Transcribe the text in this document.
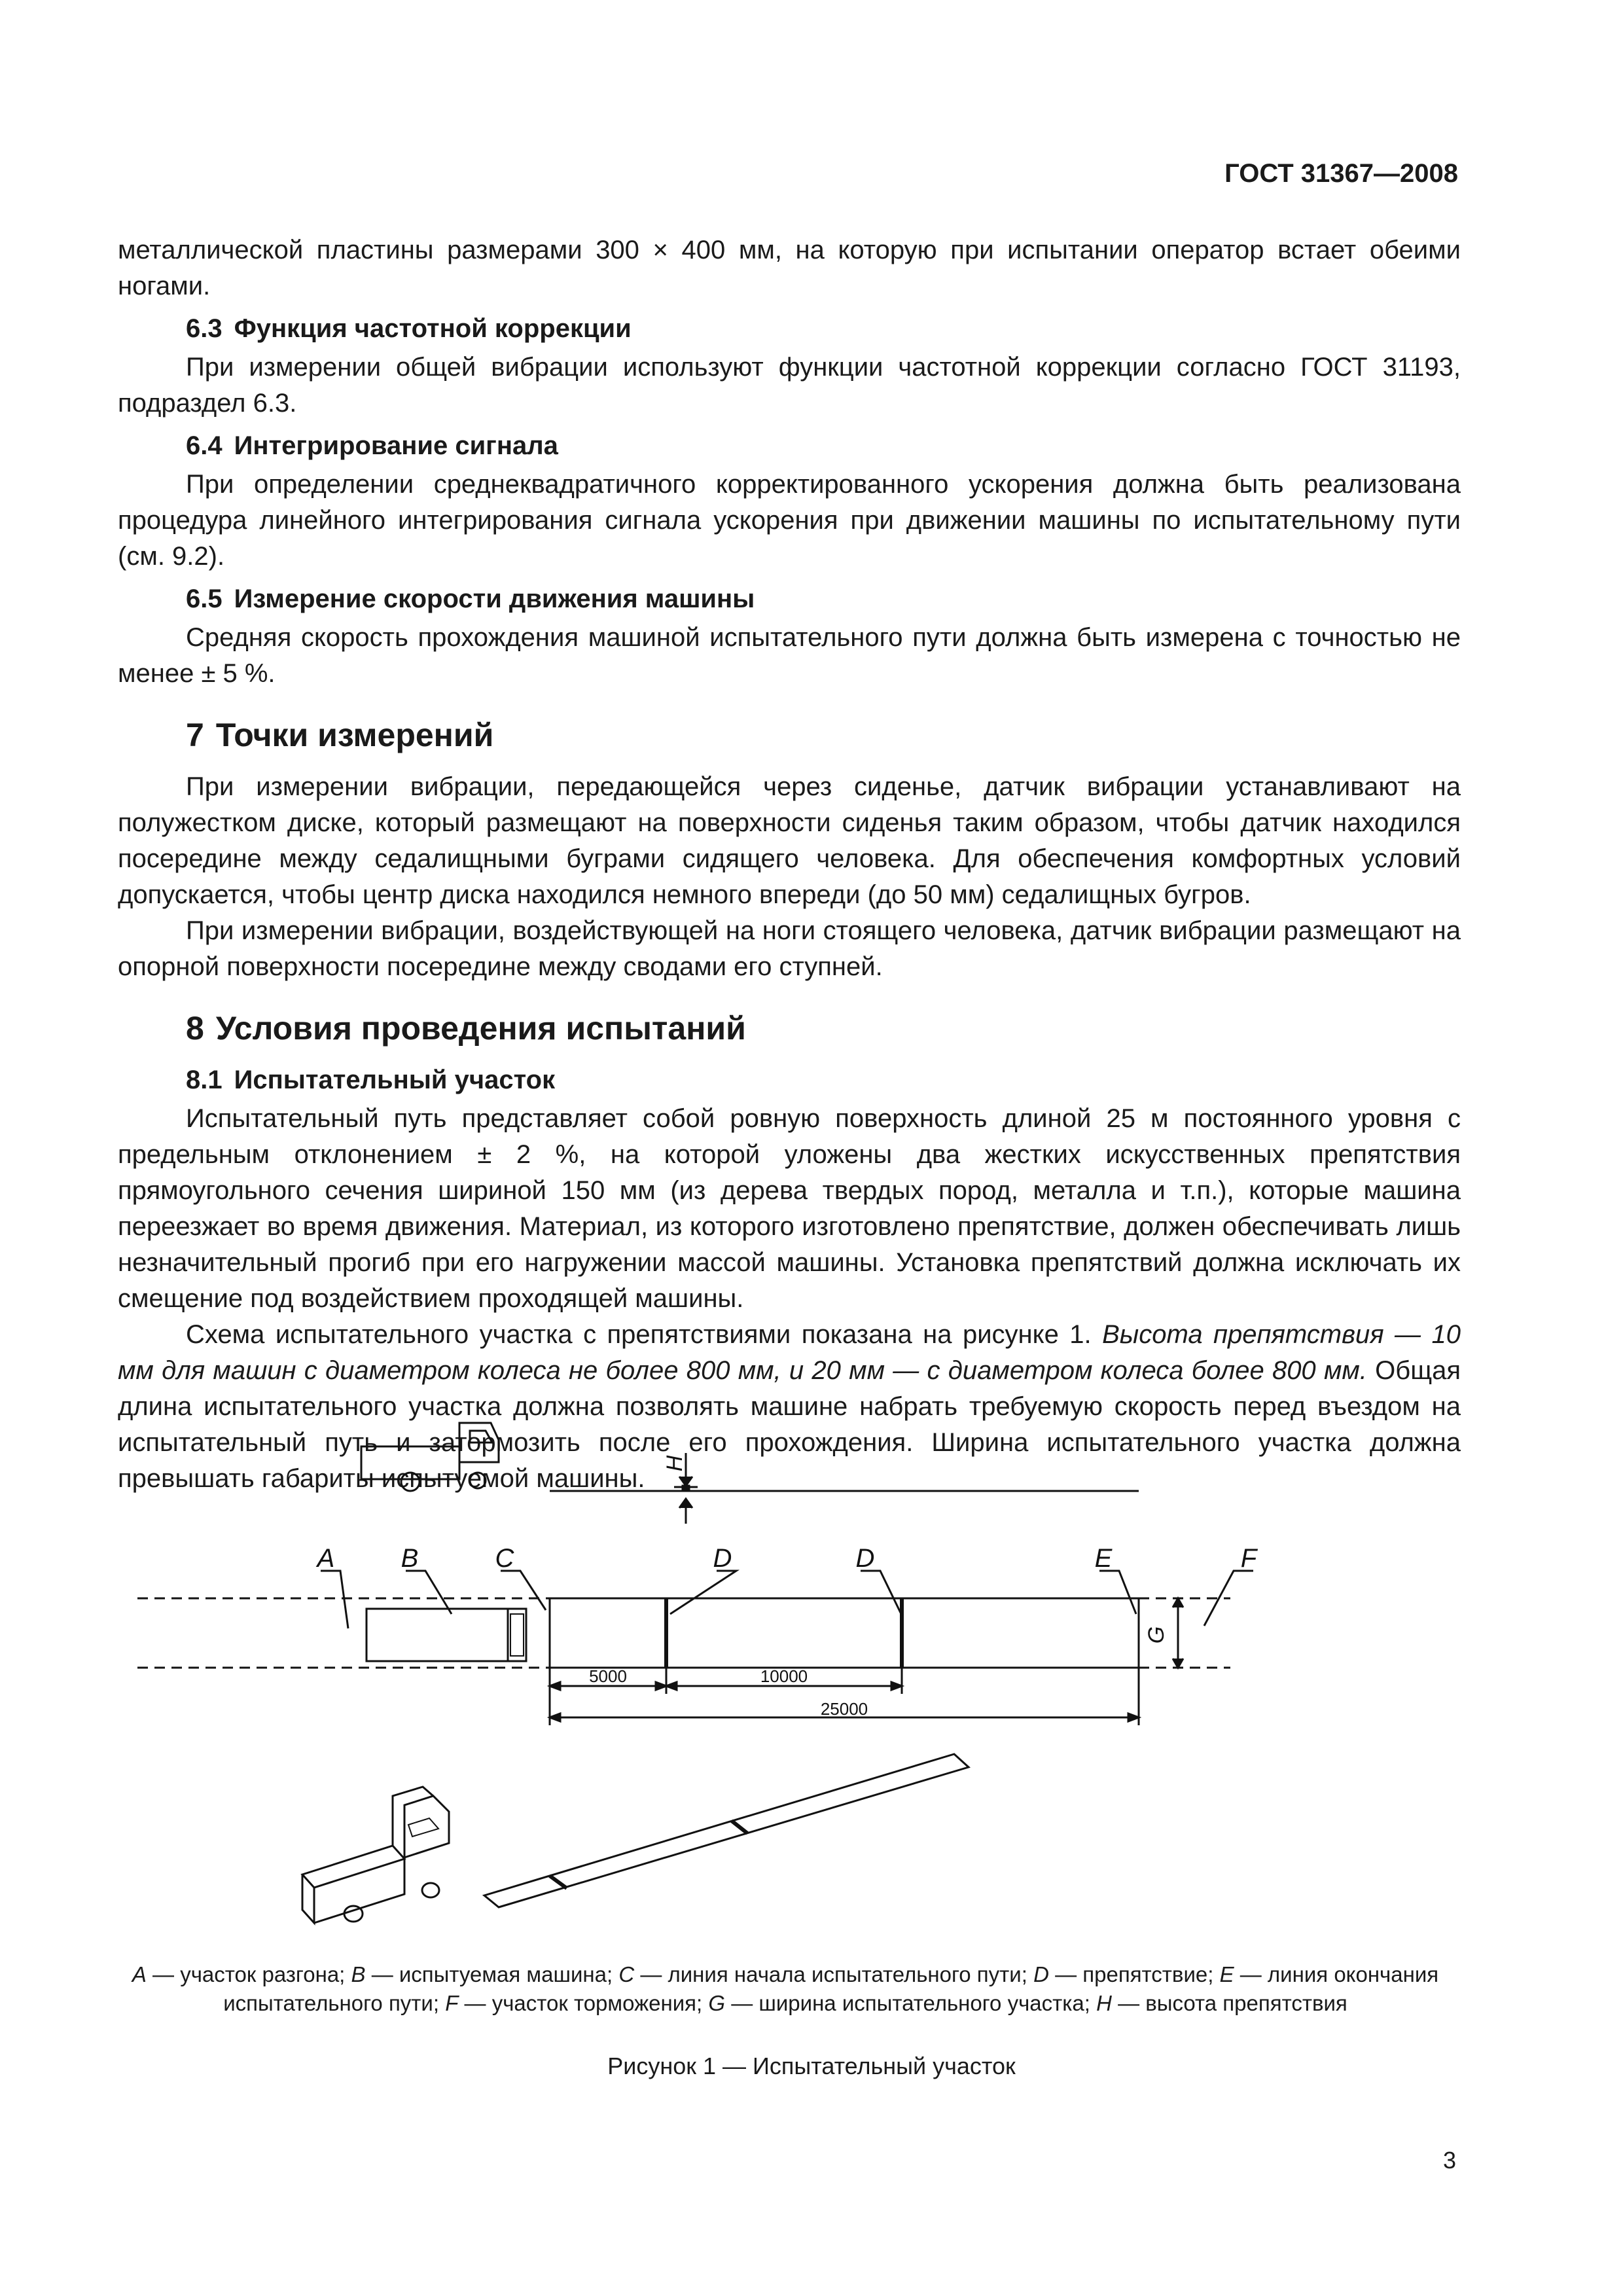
ГОСТ 31367—2008

металлической пластины размерами 300 × 400 мм, на которую при испытании оператор встает обеими ногами.

6.3 Функция частотной коррекции

При измерении общей вибрации используют функции частотной коррекции согласно ГОСТ 31193, подраздел 6.3.

6.4 Интегрирование сигнала

При определении среднеквадратичного корректированного ускорения должна быть реализована процедура линейного интегрирования сигнала ускорения при движении машины по испытательному пути (см. 9.2).

6.5 Измерение скорости движения машины

Средняя скорость прохождения машиной испытательного пути должна быть измерена с точностью не менее ± 5 %.

7 Точки измерений

При измерении вибрации, передающейся через сиденье, датчик вибрации устанавливают на полужестком диске, который размещают на поверхности сиденья таким образом, чтобы датчик находился посередине между седалищными буграми сидящего человека. Для обеспечения комфортных условий допускается, чтобы центр диска находился немного впереди (до 50 мм) седалищных бугров.

При измерении вибрации, воздействующей на ноги стоящего человека, датчик вибрации размещают на опорной поверхности посередине между сводами его ступней.

8 Условия проведения испытаний
8.1 Испытательный участок

Испытательный путь представляет собой ровную поверхность длиной 25 м постоянного уровня с предельным отклонением ± 2 %, на которой уложены два жестких искусственных препятствия прямоугольного сечения шириной 150 мм (из дерева твердых пород, металла и т.п.), которые машина переезжает во время движения. Материал, из которого изготовлено препятствие, должен обеспечивать лишь незначительный прогиб при его нагружении массой машины. Установка препятствий должна исключать их смещение под воздействием проходящей машины.

Схема испытательного участка с препятствиями показана на рисунке 1. Высота препятствия — 10 мм для машин с диаметром колеса не более 800 мм, и 20 мм — с диаметром колеса более 800 мм. Общая длина испытательного участка должна позволять машине набрать требуемую скорость перед въездом на испытательный путь и затормозить после его прохождения. Ширина испытательного участка должна превышать габариты испытуемой машины.

H
G
5000	10000
25000
A	B	C	D	D	E	F
A — участок разгона; B — испытуемая машина; C — линия начала испытательного пути; D — препятствие; E — линия окончания испытательного пути; F — участок торможения; G — ширина испытательного участка; H — высота препятствия
Рисунок 1 — Испытательный участок
3
